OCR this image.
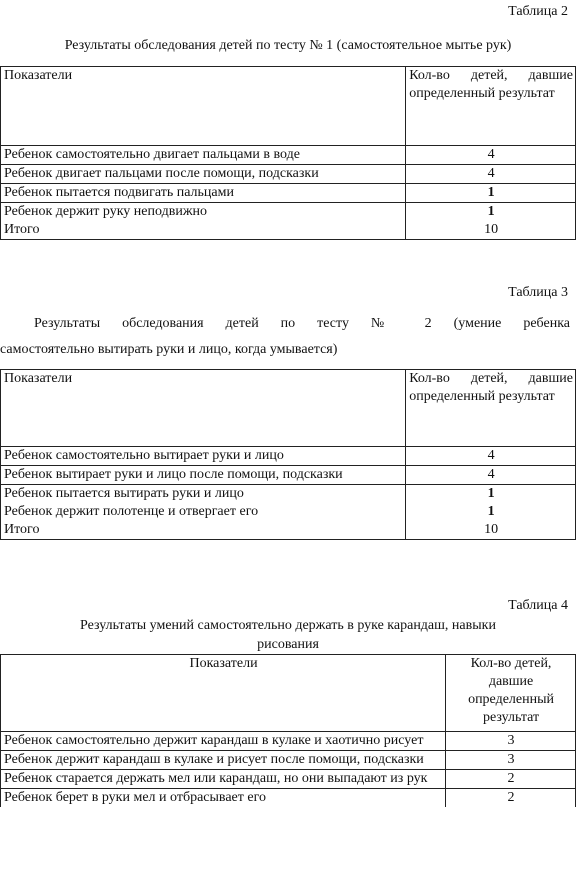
Таблица 2
Результаты обследования детей по тесту № 1 (самостоятельное мытье рук)
Показатели	Кол-во детей, давшие определенный результат
Ребенок самостоятельно двигает пальцами в воде	4
Ребенок двигает пальцами после помощи, подсказки	4
Ребенок пытается подвигать пальцами	1
Ребенок держит руку неподвижно	1
Итого	10
Таблица 3
Результаты обследования детей по тесту № 2 (умение ребенка
самостоятельно вытирать руки и лицо, когда умывается)
Показатели	Кол-во детей, давшие определенный результат
Ребенок самостоятельно вытирает руки и лицо	4
Ребенок вытирает руки и лицо после помощи, подсказки	4
Ребенок пытается вытирать руки и лицо	1
Ребенок держит полотенце и отвергает его	1
Итого	10
Таблица 4
Результаты умений самостоятельно держать в руке карандаш, навыки
рисования
Показатели	Кол-во детей, давшие определенный результат
Ребенок самостоятельно держит карандаш в кулаке и хаотично рисует	3
Ребенок держит карандаш в кулаке и рисует после помощи, подсказки	3
Ребенок старается держать мел или карандаш, но они выпадают из рук	2
Ребенок берет в руки мел и отбрасывает его	2
